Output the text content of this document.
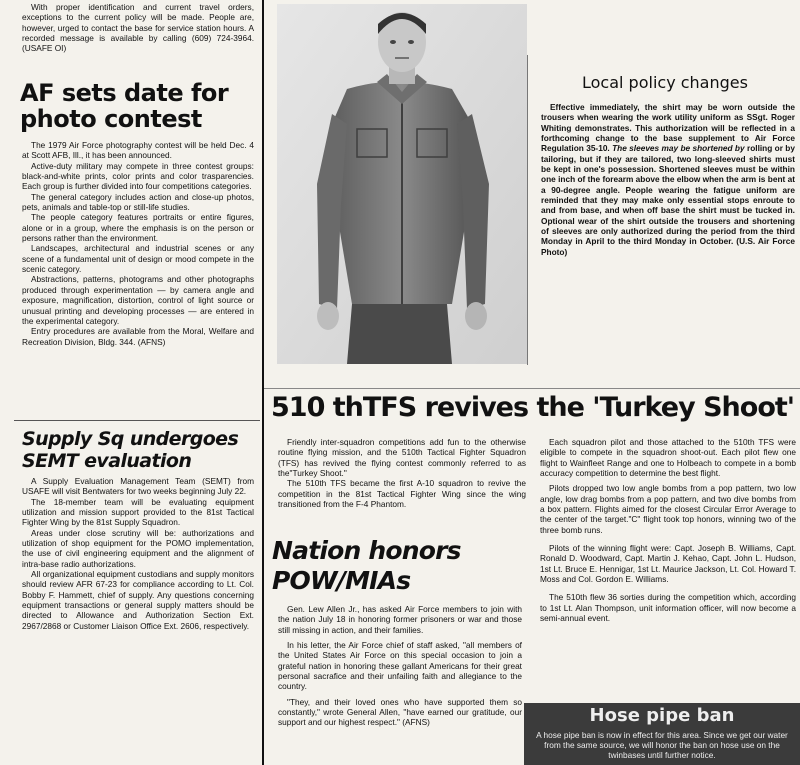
With proper identification and current travel orders, exceptions to the current policy will be made. People are, however, urged to contact the base for service station hours. A recorded message is available by calling (609) 724-3964. (USAFE OI)

AF sets date for photo contest

The 1979 Air Force photography contest will be held Dec. 4 at Scott AFB, Ill., it has been announced.

Active-duty military may compete in three contest groups: black-and-white prints, color prints and color trasparencies. Each group is further divided into four competitions categories.

The general category includes action and close-up photos, pets, animals and table-top or still-life studies.

The people category features portraits or entire figures, alone or in a group, where the emphasis is on the person or persons rather than the environment.

Landscapes, architectural and industrial scenes or any scene of a fundamental unit of design or mood compete in the scenic category.

Abstractions, patterns, photograms and other photographs produced through experimentation — by camera angle and exposure, magnification, distortion, control of light source or unusual printing and developing processes — are entered in the experimental category.

Entry procedures are available from the Moral, Welfare and Recreation Division, Bldg. 344. (AFNS)

Supply Sq undergoes SEMT evaluation

A Supply Evaluation Management Team (SEMT) from USAFE will visit Bentwaters for two weeks beginning July 22.

The 18-member team will be evaluating equipment utilization and mission support provided to the 81st Tactical Fighter Wing by the 81st Supply Squadron.

Areas under close scrutiny will be: authorizations and utilization of shop equipment for the POMO implementation, the use of civil engineering equipment and the alignment of intra-base radio authorizations.

All organizational equipment custodians and supply monitors should review AFR 67-23 for compliance according to Lt. Col. Bobby F. Hammett, chief of supply. Any questions concerning equipment transactions or general supply matters should be directed to Allowance and Authorization Section Ext. 2967/2868 or Customer Liaison Office Ext. 2606, respectively.

Local policy changes

Effective immediately, the shirt may be worn outside the trousers when wearing the work utility uniform as SSgt. Roger Whiting demonstrates. This authorization will be reflected in a forthcoming change to the base supplement to Air Force Regulation 35-10. The sleeves may be shortened by rolling or by tailoring, but if they are tailored, two long-sleeved shirts must be kept in one's possession. Shortened sleeves must be within one inch of the forearm above the elbow when the arm is bent at a 90-degree angle. People wearing the fatigue uniform are reminded that they may make only essential stops enroute to and from base, and when off base the shirt must be tucked in. Optional wear of the shirt outside the trousers and shortening of sleeves are only authorized during the period from the third Monday in April to the third Monday in October. (U.S. Air Force Photo)

510 thTFS revives the 'Turkey Shoot'

Friendly inter-squadron competitions add fun to the otherwise routine flying mission, and the 510th Tactical Fighter Squadron (TFS) has revived the flying contest commonly referred to as the"Turkey Shoot."

The 510th TFS became the first A-10 squadron to revive the competition in the 81st Tactical Fighter Wing since the wing transitioned from the F-4 Phantom.

Each squadron pilot and those attached to the 510th TFS were eligible to compete in the squadron shoot-out. Each pilot flew one flight to Wainfleet Range and one to Holbeach to compete in a bomb accuracy competition to determine the best flight.

Pilots dropped two low angle bombs from a pop pattern, two low angle, low drag bombs from a pop pattern, and two dive bombs from a box pattern. Flights aimed for the closest Circular Error Average to the center of the target."C" flight took top honors, winning two of the three bomb runs.

Pilots of the winning flight were: Capt. Joseph B. Williams, Capt. Ronald D. Woodward, Capt. Martin J. Kehao, Capt. John L. Hudson, 1st Lt. Bruce E. Hennigar, 1st Lt. Maurice Jackson, Lt. Col. Howard T. Moss and Col. Gordon E. Williams.

The 510th flew 36 sorties during the competition which, according to 1st Lt. Alan Thompson, unit information officer, will now become a semi-annual event.

Nation honors POW/MIAs

Gen. Lew Allen Jr., has asked Air Force members to join with the nation July 18 in honoring former prisoners or war and those still missing in action, and their families.

In his letter, the Air Force chief of staff asked, "all members of the United States Air Force on this special occasion to join a grateful nation in honoring these gallant Americans for their great personal sacrafice and their unfailing faith and allegiance to the country.

"They, and their loved ones who have supported them so constantly," wrote General Allen, "have earned our gratitude, our support and our highest respect." (AFNS)	Hose pipe ban
A hose pipe ban is now in effect for this area. Since we get our water from the same source, we will honor the ban on hose use on the twinbases until further notice.
